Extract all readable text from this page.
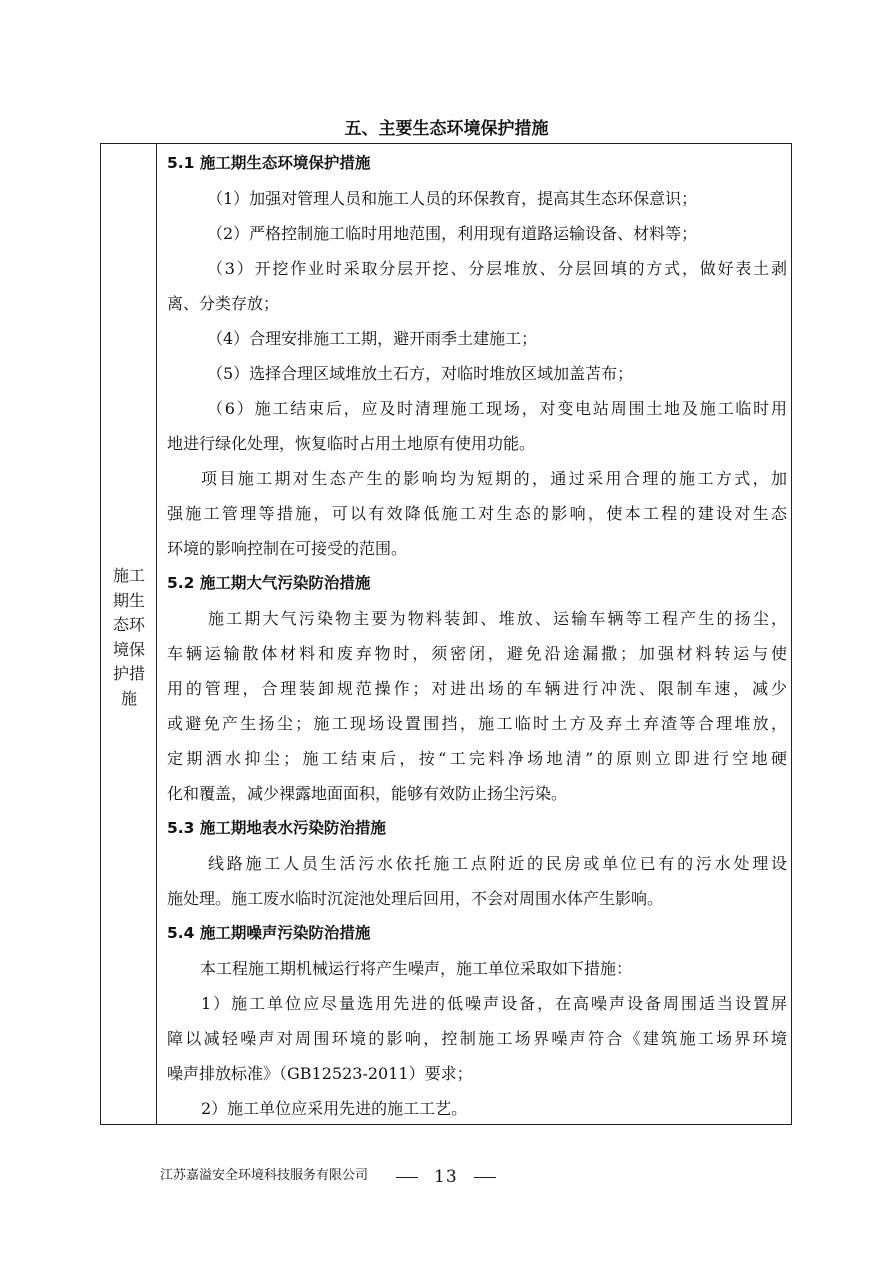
五、主要生态环境保护措施
施工
期生
态环
境保
护措
施
5.1 施工期生态环境保护措施
（1）加强对管理人员和施工人员的环保教育，提高其生态环保意识；
（2）严格控制施工临时用地范围，利用现有道路运输设备、材料等；
（3）开挖作业时采取分层开挖、分层堆放、分层回填的方式，做好表土剥
离、分类存放；
（4）合理安排施工工期，避开雨季土建施工；
（5）选择合理区域堆放土石方，对临时堆放区域加盖苫布；
（6）施工结束后，应及时清理施工现场，对变电站周围土地及施工临时用
地进行绿化处理，恢复临时占用土地原有使用功能。
项目施工期对生态产生的影响均为短期的，通过采用合理的施工方式，加
强施工管理等措施，可以有效降低施工对生态的影响，使本工程的建设对生态
环境的影响控制在可接受的范围。
5.2 施工期大气污染防治措施
施工期大气污染物主要为物料装卸、堆放、运输车辆等工程产生的扬尘，
车辆运输散体材料和废弃物时，须密闭，避免沿途漏撒；加强材料转运与使
用的管理，合理装卸规范操作；对进出场的车辆进行冲洗、限制车速，减少
或避免产生扬尘；施工现场设置围挡，施工临时土方及弃土弃渣等合理堆放，
定期洒水抑尘；施工结束后，按“工完料净场地清”的原则立即进行空地硬
化和覆盖，减少裸露地面面积，能够有效防止扬尘污染。
5.3 施工期地表水污染防治措施
线路施工人员生活污水依托施工点附近的民房或单位已有的污水处理设
施处理。施工废水临时沉淀池处理后回用，不会对周围水体产生影响。
5.4 施工期噪声污染防治措施
本工程施工期机械运行将产生噪声，施工单位采取如下措施：
1）施工单位应尽量选用先进的低噪声设备，在高噪声设备周围适当设置屏
障以减轻噪声对周围环境的影响，控制施工场界噪声符合《建筑施工场界环境
噪声排放标准》（GB12523-2011）要求；
2）施工单位应采用先进的施工工艺。
江苏嘉溢安全环境科技服务有限公司	13
